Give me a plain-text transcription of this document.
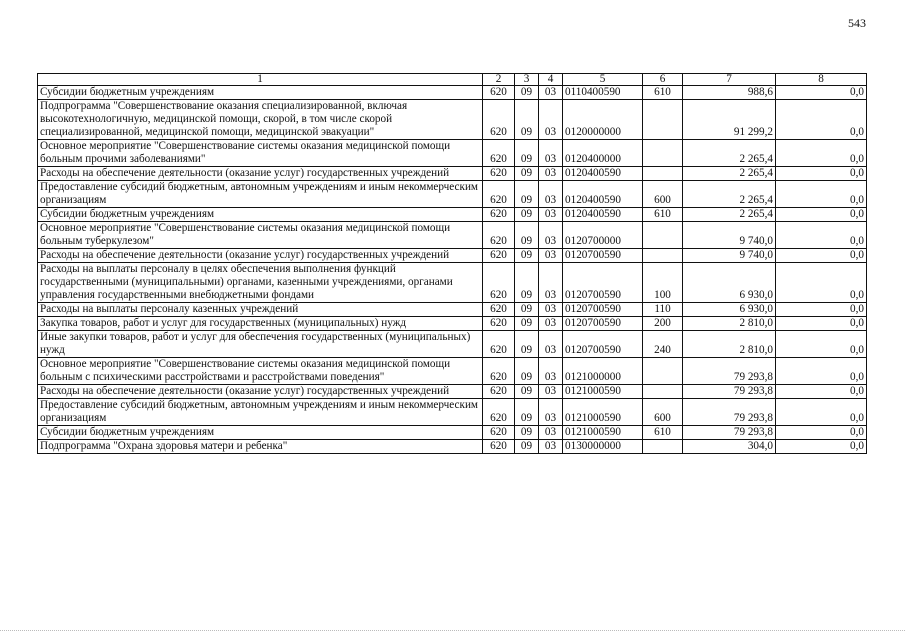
543
1	2	3	4	5	6	7	8
Субсидии бюджетным учреждениям	620	09	03	0110400590	610	988,6	0,0
Подпрограмма "Совершенствование оказания специализированной, включая высокотехнологичную, медицинской помощи, скорой, в том числе скорой специализированной, медицинской помощи, медицинской эвакуации"	620	09	03	0120000000		91 299,2	0,0
Основное мероприятие "Совершенствование системы оказания медицинской помощи больным прочими заболеваниями"	620	09	03	0120400000		2 265,4	0,0
Расходы на обеспечение деятельности (оказание услуг) государственных учреждений	620	09	03	0120400590		2 265,4	0,0
Предоставление субсидий бюджетным, автономным учреждениям и иным некоммерческим организациям	620	09	03	0120400590	600	2 265,4	0,0
Субсидии бюджетным учреждениям	620	09	03	0120400590	610	2 265,4	0,0
Основное мероприятие "Совершенствование системы оказания медицинской помощи больным туберкулезом"	620	09	03	0120700000		9 740,0	0,0
Расходы на обеспечение деятельности (оказание услуг) государственных учреждений	620	09	03	0120700590		9 740,0	0,0
Расходы на выплаты персоналу в целях обеспечения выполнения функций государственными (муниципальными) органами, казенными учреждениями, органами управления государственными внебюджетными фондами	620	09	03	0120700590	100	6 930,0	0,0
Расходы на выплаты персоналу казенных учреждений	620	09	03	0120700590	110	6 930,0	0,0
Закупка товаров, работ и услуг для государственных (муниципальных) нужд	620	09	03	0120700590	200	2 810,0	0,0
Иные закупки товаров, работ и услуг для обеспечения государственных (муниципальных) нужд	620	09	03	0120700590	240	2 810,0	0,0
Основное мероприятие "Совершенствование системы оказания медицинской помощи больным с психическими расстройствами и расстройствами поведения"	620	09	03	0121000000		79 293,8	0,0
Расходы на обеспечение деятельности (оказание услуг) государственных учреждений	620	09	03	0121000590		79 293,8	0,0
Предоставление субсидий бюджетным, автономным учреждениям и иным некоммерческим организациям	620	09	03	0121000590	600	79 293,8	0,0
Субсидии бюджетным учреждениям	620	09	03	0121000590	610	79 293,8	0,0
Подпрограмма "Охрана здоровья матери и ребенка"	620	09	03	0130000000		304,0	0,0
